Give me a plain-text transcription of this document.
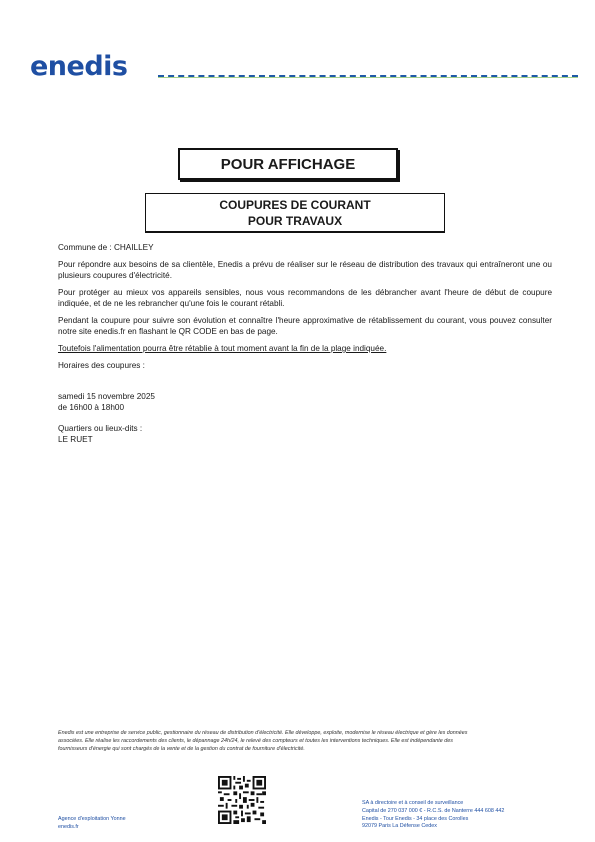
enedis
POUR AFFICHAGE
COUPURES DE COURANT
POUR TRAVAUX

Commune de : CHAILLEY

Pour répondre aux besoins de sa clientèle, Enedis a prévu de réaliser sur le réseau de distribution des travaux qui entraîneront une ou plusieurs coupures d'électricité.

Pour protéger au mieux vos appareils sensibles, nous vous recommandons de les débrancher avant l'heure de début de coupure indiquée, et de ne les rebrancher qu'une fois le courant rétabli.

Pendant la coupure pour suivre son évolution et connaître l'heure approximative de rétablissement du courant, vous pouvez consulter notre site enedis.fr en flashant le QR CODE en bas de page.

Toutefois l'alimentation pourra être rétablie à tout moment avant la fin de la plage indiquée.

Horaires des coupures :

samedi 15 novembre 2025
de 16h00 à 18h00
Quartiers ou lieux-dits :
LE RUET
Enedis est une entreprise de service public, gestionnaire du réseau de distribution d'électricité. Elle développe, exploite, modernise le réseau électrique et gère les données
associées. Elle réalise les raccordements des clients, le dépannage 24h/24, le relevé des compteurs et toutes les interventions techniques. Elle est indépendante des
fournisseurs d'énergie qui sont chargés de la vente et de la gestion du contrat de fourniture d'électricité.
Agence d'exploitation Yonne
enedis.fr
SA à directoire et à conseil de surveillance
Capital de 270 037 000 € - R.C.S. de Nanterre 444 608 442
Enedis - Tour Enedis - 34 place des Corolles
92079 Paris La Défense Cedex
